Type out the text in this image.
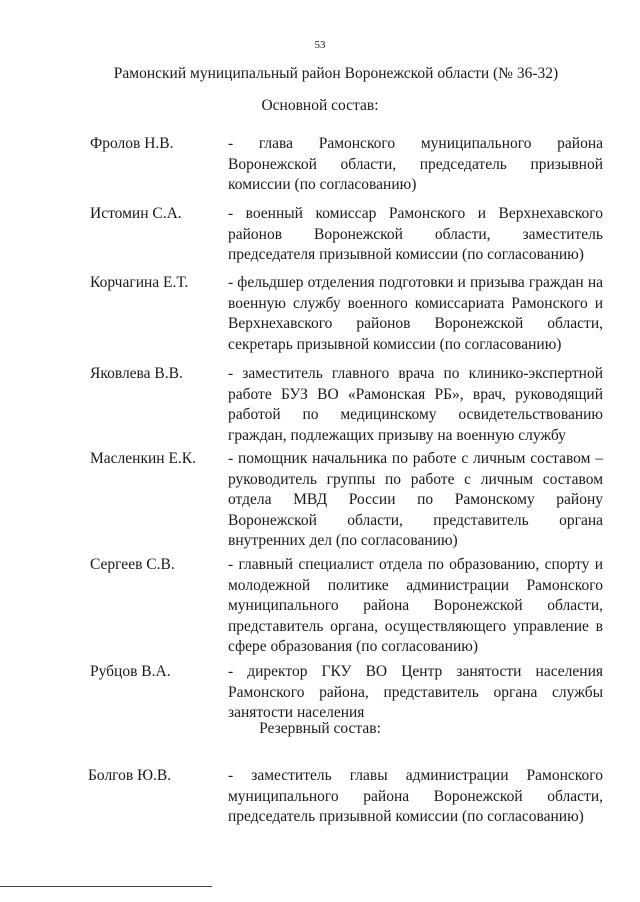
53
Рамонский муниципальный район Воронежской области (№ 36-32)
Основной состав:
Фролов Н.В.	- глава Рамонского муниципального района Воронежской области, председатель призывной комиссии (по согласованию)
Истомин С.А.	- военный комиссар Рамонского и Верхнехавского районов Воронежской области, заместитель председателя призывной комиссии (по согласованию)
Корчагина Е.Т.	- фельдшер отделения подготовки и призыва граждан на военную службу военного комиссариата Рамонского и Верхнехавского районов Воронежской области, секретарь призывной комиссии (по согласованию)
Яковлева В.В.	- заместитель главного врача по клинико-экспертной работе БУЗ ВО «Рамонская РБ», врач, руководящий работой по медицинскому освидетельствованию граждан, подлежащих призыву на военную службу
Масленкин Е.К. - помощник начальника по работе с личным составом – руководитель группы по работе с личным составом отдела МВД России по Рамонскому району Воронежской области, представитель органа внутренних дел (по согласованию)
Сергеев С.В.	- главный специалист отдела по образованию, спорту и молодежной политике администрации Рамонского муниципального района Воронежской области, представитель органа, осуществляющего управление в сфере образования (по согласованию)
Рубцов В.А.	- директор ГКУ ВО Центр занятости населения Рамонского района, представитель органа службы занятости населения
Резервный состав:
Болгов Ю.В.	- заместитель главы администрации Рамонского муниципального района Воронежской области, председатель призывной комиссии (по согласованию)
